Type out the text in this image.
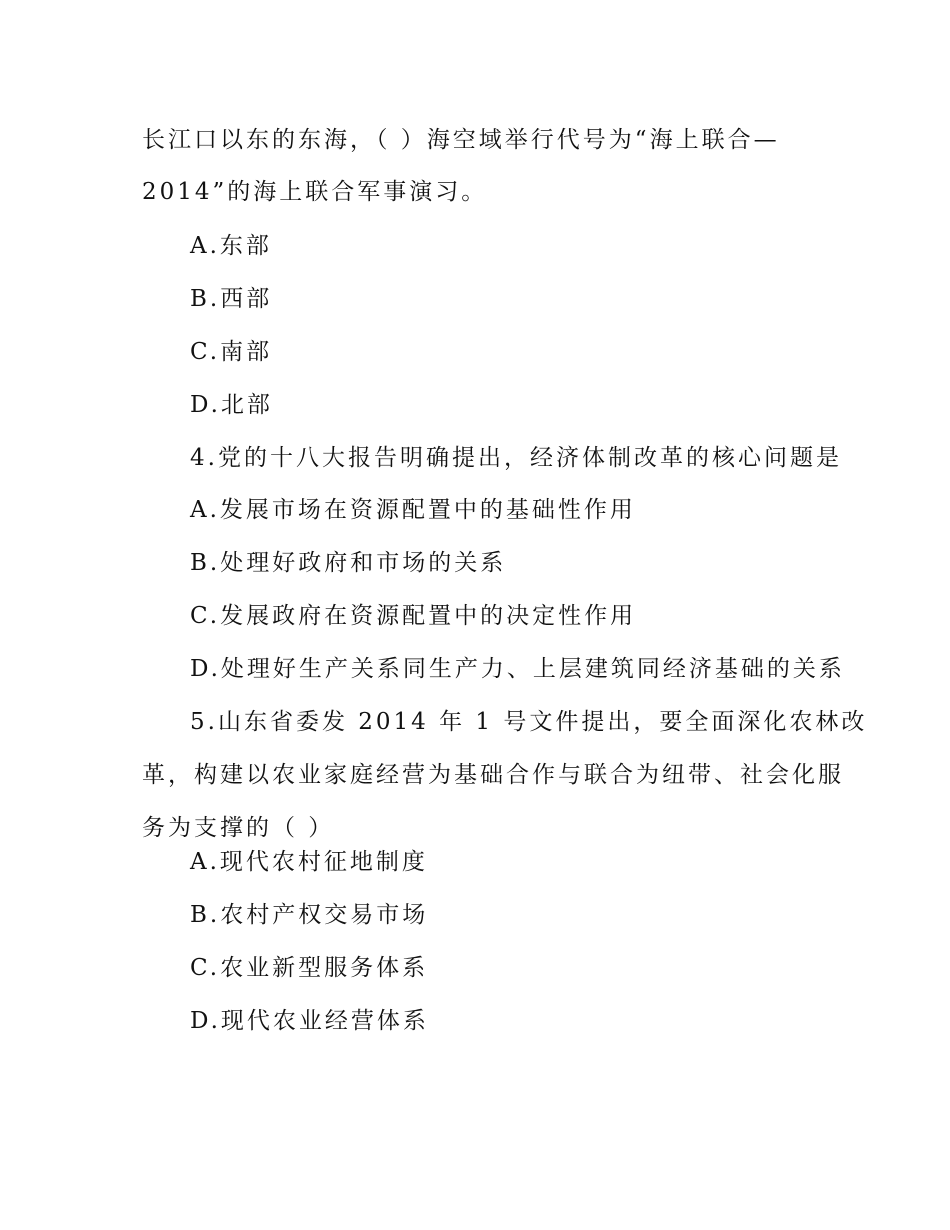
长江口以东的东海，（ ）海空域举行代号为“海上联合—
2014”的海上联合军事演习。
A.东部
B.西部
C.南部
D.北部
4.党的十八大报告明确提出，经济体制改革的核心问题是
A.发展市场在资源配置中的基础性作用
B.处理好政府和市场的关系
C.发展政府在资源配置中的决定性作用
D.处理好生产关系同生产力、上层建筑同经济基础的关系
5.山东省委发 2014 年 1 号文件提出，要全面深化农林改
革，构建以农业家庭经营为基础合作与联合为纽带、社会化服
务为支撑的（ ）
A.现代农村征地制度
B.农村产权交易市场
C.农业新型服务体系
D.现代农业经营体系
